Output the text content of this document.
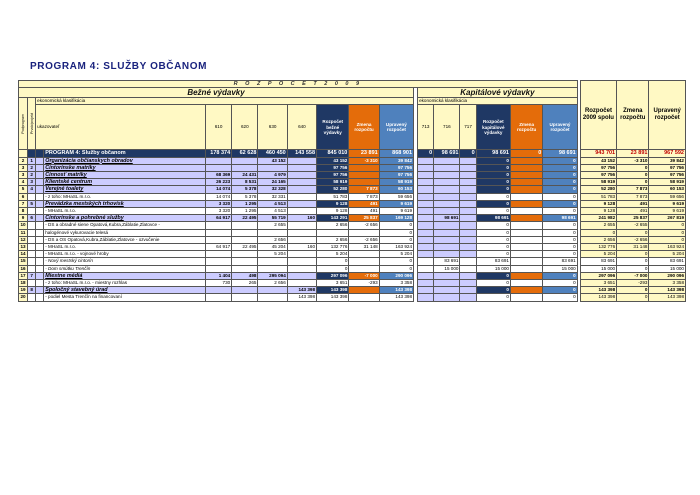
PROGRAM 4: SLUŽBY OBČANOM
R O Z P O Č E T 2 0 0 9																			Rozpočet 2009 spolu	Zmena rozpočtu	Upravený rozpočet
Bežné výdavky												Kapitálové výdavky									

Podprogram	Prvok/projekt	ekonomická klasifikácia										ekonomická klasifikácia									
		ukazovateľ		610	620	630	640	Rozpočet bežné výdavky	Zmena rozpočtu	Upravený rozpočet		713	716	717	Rozpočet kapitálové výdavky	Zmena rozpočtu	Upravený rozpočet				
			PROGRAM 4: Služby občanom	178 374	62 628	460 450	143 558	845 010	23 891	868 901		0	98 691	0	98 691	0	98 691		943 701	23 891	967 592
2	1		Organizácia občianskych obradov			43 152		43 152	-3 310	39 842					0		0		43 152	-3 310	39 842
3	2		Cintorínske matriky					97 756		97 756					0		0		97 756	0	97 756
3	2		Činnosť matriky	68 369	24 431	4 979		97 756		97 756					0		0		97 756	0	97 756
4	3		Klientské centrum	26 223	8 531	24 165		58 919		58 919					0		0		58 919	0	58 919
5	4		Verejné toalety	14 074	5 378	32 328		52 280	7 873	60 153					0		0		52 280	7 873	60 153
6			- z toho: MHaSL m.r.o.	14 074	5 378	32 331		51 783	7 873	59 656					0		0		51 783	7 873	59 656
7	5		Prevádzka mestských trhovísk	3 320	1 295	4 513		9 128	491	9 619					0		0		9 128	491	9 619
8			- MHaSL m.r.o.	3 320	1 295	4 513		9 128	491	9 619					0		0		9 128	491	9 619
9	6		Cintorínske a pohrebné služby	64 917	22 495	55 719	160	143 291	25 837	169 128			98 691		98 691		98 691		241 982	25 837	267 819
10			- DS a obradné siene Opatová,Kubra,Záblatie,Zlatovce -			2 655		2 656	-2 656	0					0		0		2 655	-2 655	0
11			halogénové vykurovacie telesá							0					0		0		0	0	0
12			- DS a OS Opatová,Kubra,Záblatie,Zlatovce - ozvučenie			2 656		2 656	-2 656	0					0		0		2 656	-2 656	0
13			- MHaSL m.r.o.	64 917	22 495	45 204	160	132 776	31 148	163 924					0		0		132 776	31 148	163 924
14			- MHaSL m.r.o. - vojnové hroby			5 204		5 204		5 204					0		0		5 204	0	5 204
15			- Nový mestský cintorín					0		0			83 691		83 691		83 691		83 691	0	83 691
16			- Dom smútku Trenčín					0		0			15 000		15 000		15 000		15 000	0	15 000
17	7		Miestne médiá	1 404	498	295 094		297 096	-7 000	290 096					0		0		297 096	-7 000	290 096
18			- z toho: MHaSL m.r.o. - miestny rozhlas	730	265	2 656		3 651	-293	3 358					0		0		3 651	-293	3 358
19	8		Spoločný stavebný úrad				143 398	143 398		143 398					0		0		143 398	0	143 398
20			- podiel Mesta Trenčín na financovaní				143 398	143 398		143 398					0		0		143 398	0	143 398
